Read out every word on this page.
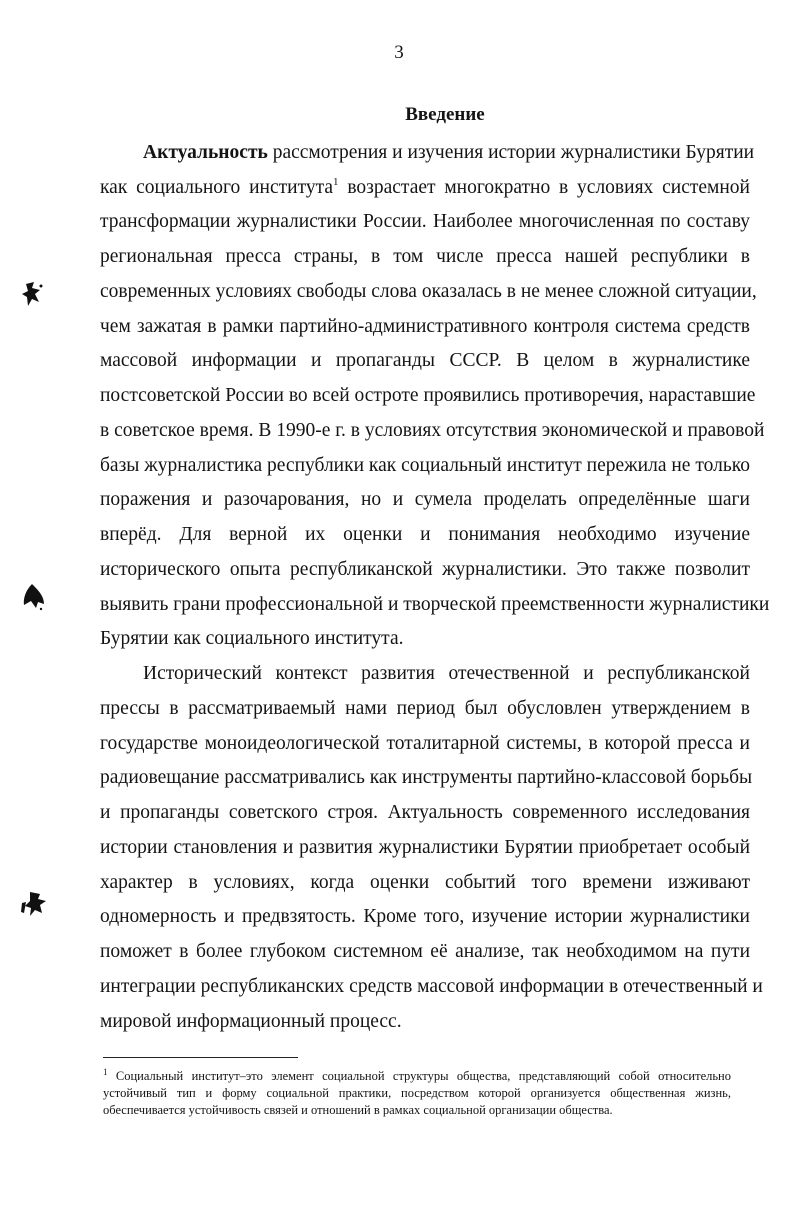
3
Введение
Актуальность рассмотрения и изучения истории журналистики Бурятии
как социального института$^1$ возрастает многократно в условиях системной
трансформации журналистики России. Наиболее многочисленная по составу
региональная пресса страны, в том числе пресса нашей республики в
современных условиях свободы слова оказалась в не менее сложной ситуации,
чем зажатая в рамки партийно-административного контроля система средств
массовой информации и пропаганды СССР. В целом в журналистике
постсоветской России во всей остроте проявились противоречия, нараставшие
в советское время. В 1990-е г. в условиях отсутствия экономической и правовой
базы журналистика республики как социальный институт пережила не только
поражения и разочарования, но и сумела проделать определённые шаги
вперёд. Для верной их оценки и понимания необходимо изучение
исторического опыта республиканской журналистики. Это также позволит
выявить грани профессиональной и творческой преемственности журналистики
Бурятии как социального института.
Исторический контекст развития отечественной и республиканской
прессы в рассматриваемый нами период был обусловлен утверждением в
государстве моноидеологической тоталитарной системы, в которой пресса и
радиовещание рассматривались как инструменты партийно-классовой борьбы
и пропаганды советского строя. Актуальность современного исследования
истории становления и развития журналистики Бурятии приобретает особый
характер в условиях, когда оценки событий того времени изживают
одномерность и предвзятость. Кроме того, изучение истории журналистики
поможет в более глубоком системном её анализе, так необходимом на пути
интеграции республиканских средств массовой информации в отечественный и
мировой информационный процесс.
$^1$ Социальный институт–это элемент социальной структуры общества, представляющий собой относительно
устойчивый тип и форму социальной практики, посредством которой организуется общественная жизнь,
обеспечивается устойчивость связей и отношений в рамках социальной организации общества.
